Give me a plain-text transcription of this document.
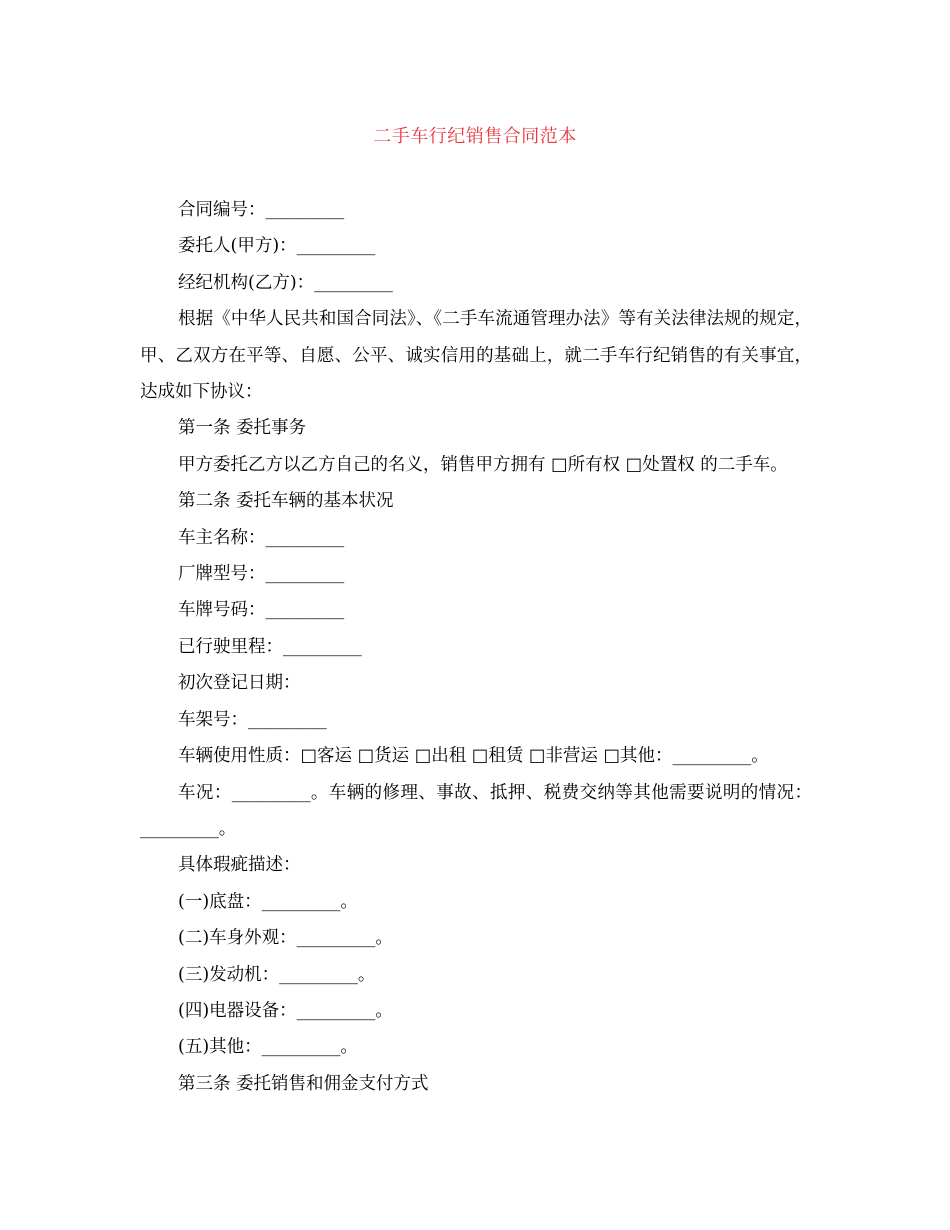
二手车行纪销售合同范本

合同编号：_________

委托人(甲方)：_________

经纪机构(乙方)：_________

根据《中华人民共和国合同法》、《二手车流通管理办法》等有关法律法规的规定，甲、乙双方在平等、自愿、公平、诚实信用的基础上，就二手车行纪销售的有关事宜，达成如下协议：

第一条 委托事务

甲方委托乙方以乙方自己的名义，销售甲方拥有 □所有权 □处置权 的二手车。

第二条 委托车辆的基本状况

车主名称：_________

厂牌型号：_________

车牌号码：_________

已行驶里程：_________

初次登记日期：

车架号：_________

车辆使用性质：□客运 □货运 □出租 □租赁 □非营运 □其他：_________。

车况：_________。车辆的修理、事故、抵押、税费交纳等其他需要说明的情况：_________。

具体瑕疵描述：

(一)底盘：_________。

(二)车身外观：_________。

(三)发动机：_________。

(四)电器设备：_________。

(五)其他：_________。

第三条 委托销售和佣金支付方式
